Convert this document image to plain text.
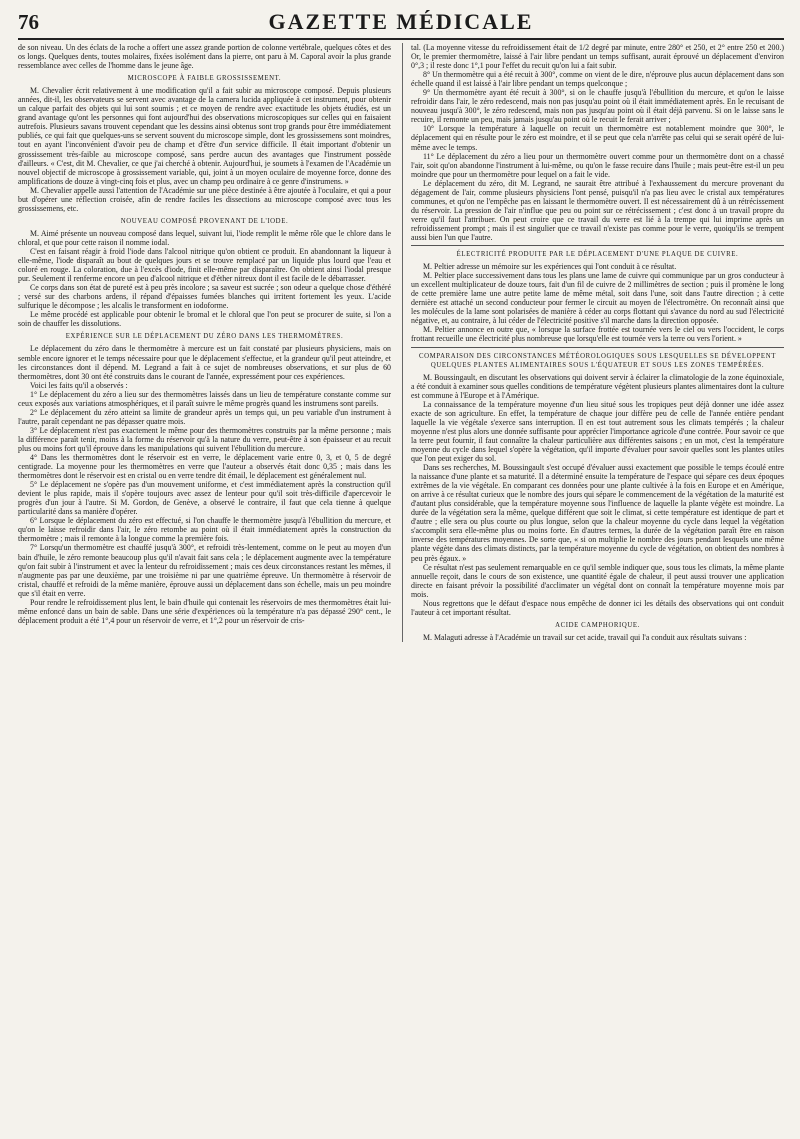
76	GAZETTE MÉDICALE

de son niveau. Un des éclats de la roche a offert une assez grande portion de colonne vertébrale, quelques côtes et des os longs. Quelques dents, toutes molaires, fixées isolément dans la pierre, ont paru à M. Caporal avoir la plus grande ressemblance avec celles de l'homme dans le jeune âge.

MICROSCOPE À FAIBLE GROSSISSEMENT.

M. Chevalier écrit relativement à une modification qu'il a fait subir au microscope composé. Depuis plusieurs années, dit-il, les observateurs se servent avec avantage de la camera lucida appliquée à cet instrument, pour obtenir un calque parfait des objets qui lui sont soumis ; et ce moyen de rendre avec exactitude les objets étudiés, est un grand avantage qu'ont les personnes qui font aujourd'hui des observations microscopiques sur celles qui en faisaient autrefois. Plusieurs savans trouvent cependant que les dessins ainsi obtenus sont trop grands pour être immédiatement publiés, ce qui fait que quelques-uns se servent souvent du microscope simple, dont les grossissemens sont moindres, tout en ayant l'inconvénient d'avoir peu de champ et d'être d'un service difficile. Il était important d'obtenir un grossissement très-faible au microscope composé, sans perdre aucun des avantages que l'instrument possède d'ailleurs. « C'est, dit M. Chevalier, ce que j'ai cherché à obtenir. Aujourd'hui, je soumets à l'examen de l'Académie un nouvel objectif de microscope à grossissement variable, qui, joint à un moyen oculaire de moyenne force, donne des amplifications de douze à vingt-cinq fois et plus, avec un champ peu ordinaire à ce genre d'instrumens. »

M. Chevalier appelle aussi l'attention de l'Académie sur une pièce destinée à être ajoutée à l'oculaire, et qui a pour but d'opérer une réflection croisée, afin de rendre faciles les dissections au microscope composé avec tous les grossissemens, etc.

NOUVEAU COMPOSÉ PROVENANT DE L'IODE.

M. Aimé présente un nouveau composé dans lequel, suivant lui, l'iode remplit le même rôle que le chlore dans le chloral, et que pour cette raison il nomme iodal.

C'est en faisant réagir à froid l'iode dans l'alcool nitrique qu'on obtient ce produit. En abandonnant la liqueur à elle-même, l'iode disparaît au bout de quelques jours et se trouve remplacé par un liquide plus lourd que l'eau et coloré en rouge. La coloration, due à l'excès d'iode, finit elle-même par disparaître. On obtient ainsi l'iodal presque pur. Seulement il renferme encore un peu d'alcool nitrique et d'éther nitreux dont il est facile de le débarrasser.

Ce corps dans son état de pureté est à peu près incolore ; sa saveur est sucrée ; son odeur a quelque chose d'éthéré ; versé sur des charbons ardens, il répand d'épaisses fumées blanches qui irritent fortement les yeux. L'acide sulfurique le décompose ; les alcalis le transforment en iodoforme.

Le même procédé est applicable pour obtenir le bromal et le chloral que l'on peut se procurer de suite, si l'on a soin de chauffer les dissolutions.

EXPÉRIENCE SUR LE DÉPLACEMENT DU ZÉRO DANS LES THERMOMÈTRES.

Le déplacement du zéro dans le thermomètre à mercure est un fait constaté par plusieurs physiciens, mais on semble encore ignorer et le temps nécessaire pour que le déplacement s'effectue, et la grandeur qu'il peut atteindre, et les circonstances dont il dépend. M. Legrand a fait à ce sujet de nombreuses observations, et sur plus de 60 thermomètres, dont 30 ont été construits dans le courant de l'année, expressément pour ces expériences.

Voici les faits qu'il a observés :

1° Le déplacement du zéro a lieu sur des thermomètres laissés dans un lieu de température constante comme sur ceux exposés aux variations atmosphériques, et il paraît suivre le même progrès quand les instrumens sont pareils.

2° Le déplacement du zéro atteint sa limite de grandeur après un temps qui, un peu variable d'un instrument à l'autre, paraît cependant ne pas dépasser quatre mois.

3° Le déplacement n'est pas exactement le même pour des thermomètres construits par la même personne ; mais la différence paraît tenir, moins à la forme du réservoir qu'à la nature du verre, peut-être à son épaisseur et au recuit plus ou moins fort qu'il éprouve dans les manipulations qui suivent l'ébullition du mercure.

4° Dans les thermomètres dont le réservoir est en verre, le déplacement varie entre 0, 3, et 0, 5 de degré centigrade. La moyenne pour les thermomètres en verre que l'auteur a observés était donc 0,35 ; mais dans les thermomètres dont le réservoir est en cristal ou en verre tendre dit émail, le déplacement est généralement nul.

5° Le déplacement ne s'opère pas d'un mouvement uniforme, et c'est immédiatement après la construction qu'il devient le plus rapide, mais il s'opère toujours avec assez de lenteur pour qu'il soit très-difficile d'apercevoir le progrès d'un jour à l'autre. Si M. Gordon, de Genève, a observé le contraire, il faut que cela tienne à quelque particularité dans sa manière d'opérer.

6° Lorsque le déplacement du zéro est effectué, si l'on chauffe le thermomètre jusqu'à l'ébullition du mercure, et qu'on le laisse refroidir dans l'air, le zéro retombe au point où il était immédiatement après la construction du thermomètre ; mais il remonte à la longue comme la première fois.

7° Lorsqu'un thermomètre est chauffé jusqu'à 300°, et refroidi très-lentement, comme on le peut au moyen d'un bain d'huile, le zéro remonte beaucoup plus qu'il n'avait fait sans cela ; le déplacement augmente avec la température qu'on fait subir à l'instrument et avec la lenteur du refroidissement ; mais ces deux circonstances restant les mêmes, il n'augmente pas par une deuxième, par une troisième ni par une quatrième épreuve. Un thermomètre à réservoir de cristal, chauffé et refroidi de la même manière, éprouve aussi un déplacement dans son échelle, mais un peu moindre que s'il était en verre.

Pour rendre le refroidissement plus lent, le bain d'huile qui contenait les réservoirs de mes thermomètres était lui-même enfoncé dans un bain de sable. Dans une série d'expériences où la température n'a pas dépassé 290° cent., le déplacement produit a été 1°,4 pour un réservoir de verre, et 1°,2 pour un réservoir de cris-

tal. (La moyenne vitesse du refroidissement était de 1/2 degré par minute, entre 280° et 250, et 2° entre 250 et 200.) Or, le premier thermomètre, laissé à l'air libre pendant un temps suffisant, aurait éprouvé un déplacement d'environ 0°,3 ; il reste donc 1°,1 pour l'effet du recuit qu'on lui a fait subir.

8° Un thermomètre qui a été recuit à 300°, comme on vient de le dire, n'éprouve plus aucun déplacement dans son échelle quand il est laissé à l'air libre pendant un temps quelconque ;

9° Un thermomètre ayant été recuit à 300°, si on le chauffe jusqu'à l'ébullition du mercure, et qu'on le laisse refroidir dans l'air, le zéro redescend, mais non pas jusqu'au point où il était immédiatement après. En le recuisant de nouveau jusqu'à 300°, le zéro redescend, mais non pas jusqu'au point où il était déjà parvenu. Si on le laisse sans le recuire, il remonte un peu, mais jamais jusqu'au point où le recuit le ferait arriver ;

10° Lorsque la température à laquelle on recuit un thermomètre est notablement moindre que 300°, le déplacement qui en résulte pour le zéro est moindre, et il se peut que cela n'arrête pas celui qui se serait opéré de lui-même avec le temps.

11° Le déplacement du zéro a lieu pour un thermomètre ouvert comme pour un thermomètre dont on a chassé l'air, soit qu'on abandonne l'instrument à lui-même, ou qu'on le fasse recuire dans l'huile ; mais peut-être est-il un peu moindre que pour un thermomètre pour lequel on a fait le vide.

Le déplacement du zéro, dit M. Legrand, ne saurait être attribué à l'exhaussement du mercure provenant du dégagement de l'air, comme plusieurs physiciens l'ont pensé, puisqu'il n'a pas lieu avec le cristal aux températures communes, et qu'on ne l'empêche pas en laissant le thermomètre ouvert. Il est nécessairement dû à un rétrécissement du réservoir. La pression de l'air n'influe que peu ou point sur ce rétrécissement ; c'est donc à un travail propre du verre qu'il faut l'attribuer. On peut croire que ce travail du verre est lié à la trempe qui lui imprime après un refroidissement prompt ; mais il est singulier que ce travail n'existe pas comme pour le verre, quoiqu'ils se trempent aussi bien l'un que l'autre.

ÉLECTRICITÉ PRODUITE PAR LE DÉPLACEMENT D'UNE PLAQUE DE CUIVRE.

M. Peltier adresse un mémoire sur les expériences qui l'ont conduit à ce résultat.

M. Peltier place successivement dans tous les plans une lame de cuivre qui communique par un gros conducteur à un excellent multiplicateur de douze tours, fait d'un fil de cuivre de 2 millimètres de section ; puis il promène le long de cette première lame une autre petite lame de même métal, soit dans l'une, soit dans l'autre direction ; à cette dernière est attaché un second conducteur pour fermer le circuit au moyen de l'électromètre. On reconnaît ainsi que les molécules de la lame sont polarisées de manière à céder au corps flottant qui s'avance du nord au sud l'électricité négative, et, au contraire, à lui céder de l'électricité positive s'il marche dans la direction opposée.

M. Peltier annonce en outre que, « lorsque la surface frottée est tournée vers le ciel ou vers l'occident, le corps frottant recueille une électricité plus nombreuse que lorsqu'elle est tournée vers la terre ou vers l'orient. »

COMPARAISON DES CIRCONSTANCES MÉTÉOROLOGIQUES SOUS LESQUELLES SE DÉVELOPPENT QUELQUES PLANTES ALIMENTAIRES SOUS L'ÉQUATEUR ET SOUS LES ZONES TEMPÉRÉES.

M. Boussingault, en discutant les observations qui doivent servir à éclairer la climatologie de la zone équinoxiale, a été conduit à examiner sous quelles conditions de température végètent plusieurs plantes alimentaires dont la culture est commune à l'Europe et à l'Amérique.

La connaissance de la température moyenne d'un lieu situé sous les tropiques peut déjà donner une idée assez exacte de son agriculture. En effet, la température de chaque jour diffère peu de celle de l'année entière pendant laquelle la vie végétale s'exerce sans interruption. Il en est tout autrement sous les climats tempérés ; la chaleur moyenne n'est plus alors une donnée suffisante pour apprécier l'importance agricole d'une contrée. Pour savoir ce que la terre peut fournir, il faut connaître la chaleur particulière aux différentes saisons ; en un mot, c'est la température moyenne du cycle dans lequel s'opère la végétation, qu'il importe d'évaluer pour savoir quelles sont les plantes utiles que l'on peut exiger du sol.

Dans ses recherches, M. Boussingault s'est occupé d'évaluer aussi exactement que possible le temps écoulé entre la naissance d'une plante et sa maturité. Il a déterminé ensuite la température de l'espace qui sépare ces deux époques extrêmes de la vie végétale. En comparant ces données pour une plante cultivée à la fois en Europe et en Amérique, on arrive à ce résultat curieux que le nombre des jours qui sépare le commencement de la végétation de la maturité est d'autant plus considérable, que la température moyenne sous l'influence de laquelle la plante végète est moindre. La durée de la végétation sera la même, quelque différent que soit le climat, si cette température est identique de part et d'autre ; elle sera ou plus courte ou plus longue, selon que la chaleur moyenne du cycle dans lequel la végétation s'accomplit sera elle-même plus ou moins forte. En d'autres termes, la durée de la végétation paraît être en raison inverse des températures moyennes. De sorte que, « si on multiplie le nombre des jours pendant lesquels une même plante végète dans des climats distincts, par la température moyenne du cycle de végétation, on obtient des nombres à peu près égaux. »

Ce résultat n'est pas seulement remarquable en ce qu'il semble indiquer que, sous tous les climats, la même plante annuelle reçoit, dans le cours de son existence, une quantité égale de chaleur, il peut aussi trouver une application directe en faisant prévoir la possibilité d'acclimater un végétal dont on connaît la température moyenne mois par mois.

Nous regrettons que le défaut d'espace nous empêche de donner ici les détails des observations qui ont conduit l'auteur à cet important résultat.

ACIDE CAMPHORIQUE.

M. Malaguti adresse à l'Académie un travail sur cet acide, travail qui l'a conduit aux résultats suivans :
